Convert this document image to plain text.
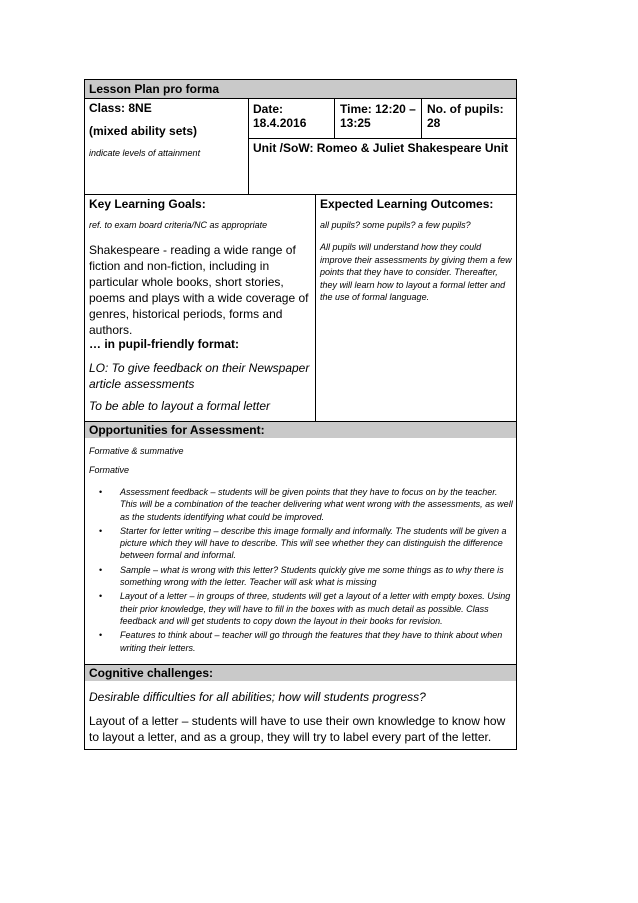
Lesson Plan pro forma
Class: 8NE
(mixed ability sets)
indicate levels of attainment
Date:
18.4.2016
Time: 12:20 –
13:25
No. of pupils:
28
Unit /SoW: Romeo & Juliet Shakespeare Unit
Key Learning Goals:
ref. to exam board criteria/NC as appropriate
Shakespeare - reading a wide range of fiction and non-fiction, including in particular whole books, short stories, poems and plays with a wide coverage of genres, historical periods, forms and authors.
… in pupil-friendly format:
LO: To give feedback on their Newspaper article assessments
To be able to layout a formal letter
Expected Learning Outcomes:
all pupils? some pupils? a few pupils?
All pupils will understand how they could improve their assessments by giving them a few points that they have to consider. Thereafter, they will learn how to layout a formal letter and the use of formal language.
Opportunities for Assessment:
Formative & summative
Formative
• Assessment feedback – students will be given points that they have to focus on by the teacher. This will be a combination of the teacher delivering what went wrong with the assessments, as well as the students identifying what could be improved.
• Starter for letter writing – describe this image formally and informally. The students will be given a picture which they will have to describe. This will see whether they can distinguish the difference between formal and informal.
• Sample – what is wrong with this letter? Students quickly give me some things as to why there is something wrong with the letter. Teacher will ask what is missing
• Layout of a letter – in groups of three, students will get a layout of a letter with empty boxes. Using their prior knowledge, they will have to fill in the boxes with as much detail as possible. Class feedback and will get students to copy down the layout in their books for revision.
• Features to think about – teacher will go through the features that they have to think about when writing their letters.
Cognitive challenges:
Desirable difficulties for all abilities; how will students progress?
Layout of a letter – students will have to use their own knowledge to know how to layout a letter, and as a group, they will try to label every part of the letter.
